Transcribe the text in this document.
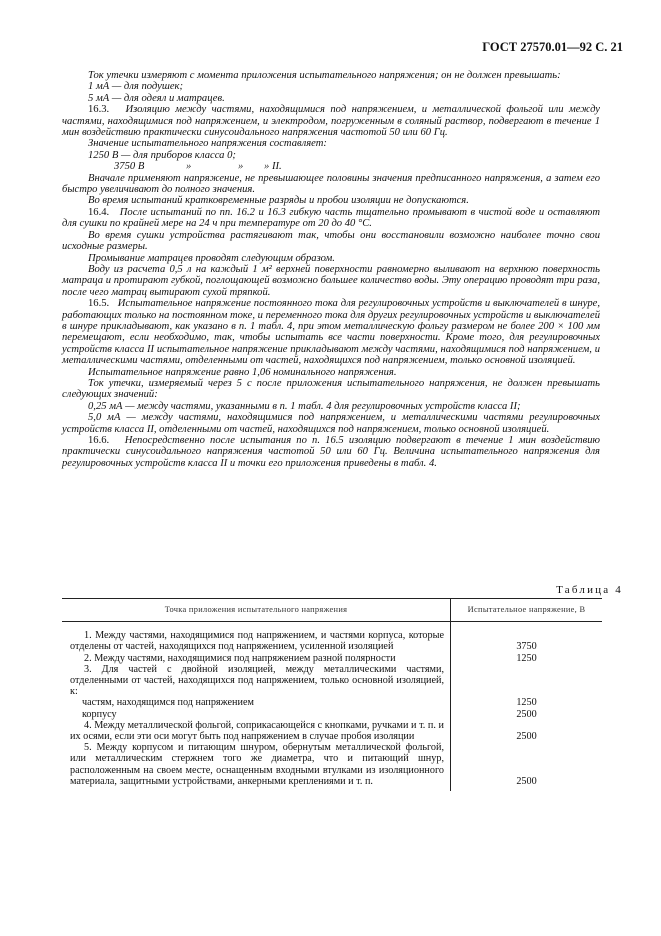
ГОСТ 27570.01—92 С. 21

Ток утечки измеряют с момента приложения испытательного напряжения; он не должен превышать:

1 мА — для подушек;

5 мА — для одеял и матрацев.

16.3. Изоляцию между частями, находящимися под напряжением, и металлической фольгой или между частями, находящимися под напряжением, и электродом, погруженным в соляный раствор, подвергают в течение 1 мин воздействию практически синусоидального напряжения частотой 50 или 60 Гц.

Значение испытательного напряжения составляет:

1250 В — для приборов класса 0;

3750 В	»	» » II.

Вначале применяют напряжение, не превышающее половины значения предписанного напряжения, а затем его быстро увеличивают до полного значения.

Во время испытаний кратковременные разряды и пробои изоляции не допускаются.

16.4. После испытаний по пп. 16.2 и 16.3 гибкую часть тщательно промывают в чистой воде и оставляют для сушки по крайней мере на 24 ч при температуре от 20 до 40 °С.

Во время сушки устройства растягивают так, чтобы они восстановили возможно наиболее точно свои исходные размеры.

Промывание матрацев проводят следующим образом.

Воду из расчета 0,5 л на каждый 1 м² верхней поверхности равномерно выливают на верхнюю поверхность матраца и протирают губкой, поглощающей возможно большее количество воды. Эту операцию проводят три раза, после чего матрац вытирают сухой тряпкой.

16.5. Испытательное напряжение постоянного тока для регулировочных устройств и выключателей в шнуре, работающих только на постоянном токе, и переменного тока для других регулировочных устройств и выключателей в шнуре прикладывают, как указано в п. 1 табл. 4, при этом металлическую фольгу размером не более 200 × 100 мм перемещают, если необходимо, так, чтобы испытать все части поверхности. Кроме того, для регулировочных устройств класса II испытательное напряжение прикладывают между частями, находящимися под напряжением, и металлическими частями, отделенными от частей, находящихся под напряжением, только основной изоляцией.

Испытательное напряжение равно 1,06 номинального напряжения.

Ток утечки, измеряемый через 5 с после приложения испытательного напряжения, не должен превышать следующих значений:

0,25 мА — между частями, указанными в п. 1 табл. 4 для регулировочных устройств класса II;

5,0 мА — между частями, находящимися под напряжением, и металлическими частями регулировочных устройств класса II, отделенными от частей, находящихся под напряжением, только основной изоляцией.

16.6. Непосредственно после испытания по п. 16.5 изоляцию подвергают в течение 1 мин воздействию практически синусоидального напряжения частотой 50 или 60 Гц. Величина испытательного напряжения для регулировочных устройств класса II и точки его приложения приведены в табл. 4.

Таблица 4
Точка приложения испытательного напряжения	Испытательное напряжение, В

1. Между частями, находящимися под напряжением, и частями корпуса, которые отделены от частей, находящихся под напряжением, усиленной изоляцией	3750

2. Между частями, находящимися под напряжением разной полярности	1250

3. Для частей с двойной изоляцией, между металлическими частями, отделенными от частей, находящихся под напряжением, только основной изоляцией, к:	

частям, находящимся под напряжением	1250

корпусу	2500

4. Между металлической фольгой, соприкасающейся с кнопками, ручками и т. п. и их осями, если эти оси могут быть под напряжением в случае пробоя изоляции	2500

5. Между корпусом и питающим шнуром, обернутым металлической фольгой, или металлическим стержнем того же диаметра, что и питающий шнур, расположенным на своем месте, оснащенным входными втулками из изоляционного материала, защитными устройствами, анкерными креплениями и т. п.	2500
